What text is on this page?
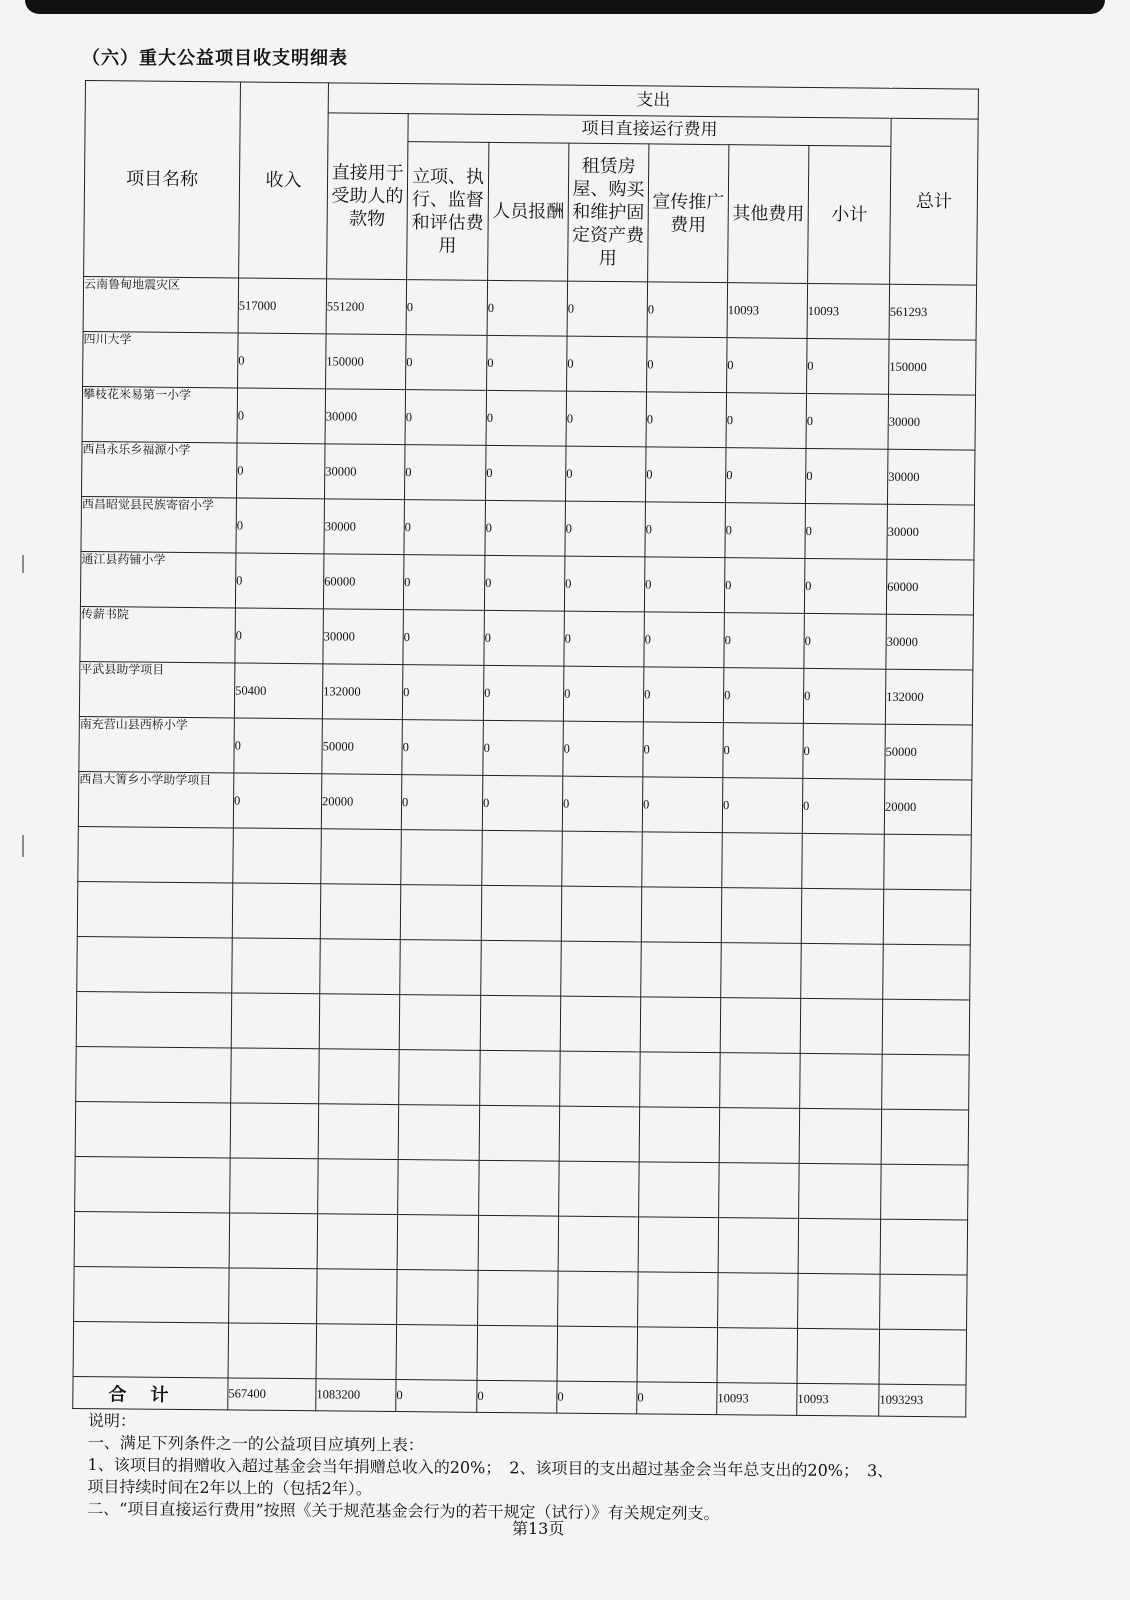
（六）重大公益项目收支明细表
项目名称	收入	支出							
		直接用于受助人的款物	项目直接运行费用						总计
			立项、执行、监督和评估费用	人员报酬	租赁房屋、购买和维护固定资产费用	宣传推广费用	其他费用	小计	
云南鲁甸地震灾区	517000	551200	0	0	0	0	10093	10093	561293
四川大学	0	150000	0	0	0	0	0	0	150000
攀枝花米易第一小学	0	30000	0	0	0	0	0	0	30000
西昌永乐乡福源小学	0	30000	0	0	0	0	0	0	30000
西昌昭觉县民族寄宿小学	0	30000	0	0	0	0	0	0	30000
通江县药铺小学	0	60000	0	0	0	0	0	0	60000
传薪书院	0	30000	0	0	0	0	0	0	30000
平武县助学项目	50400	132000	0	0	0	0	0	0	132000
南充营山县西桥小学	0	50000	0	0	0	0	0	0	50000
西昌大箐乡小学助学项目	0	20000	0	0	0	0	0	0	20000

合计	567400	1083200	0	0	0	0	10093	10093	1093293

说明：

一、满足下列条件之一的公益项目应填列上表：

1、该项目的捐赠收入超过基金会当年捐赠总收入的20%；　2、该项目的支出超过基金会当年总支出的20%；　3、

项目持续时间在2年以上的（包括2年）。

二、“项目直接运行费用”按照《关于规范基金会行为的若干规定（试行）》有关规定列支。

第13页
